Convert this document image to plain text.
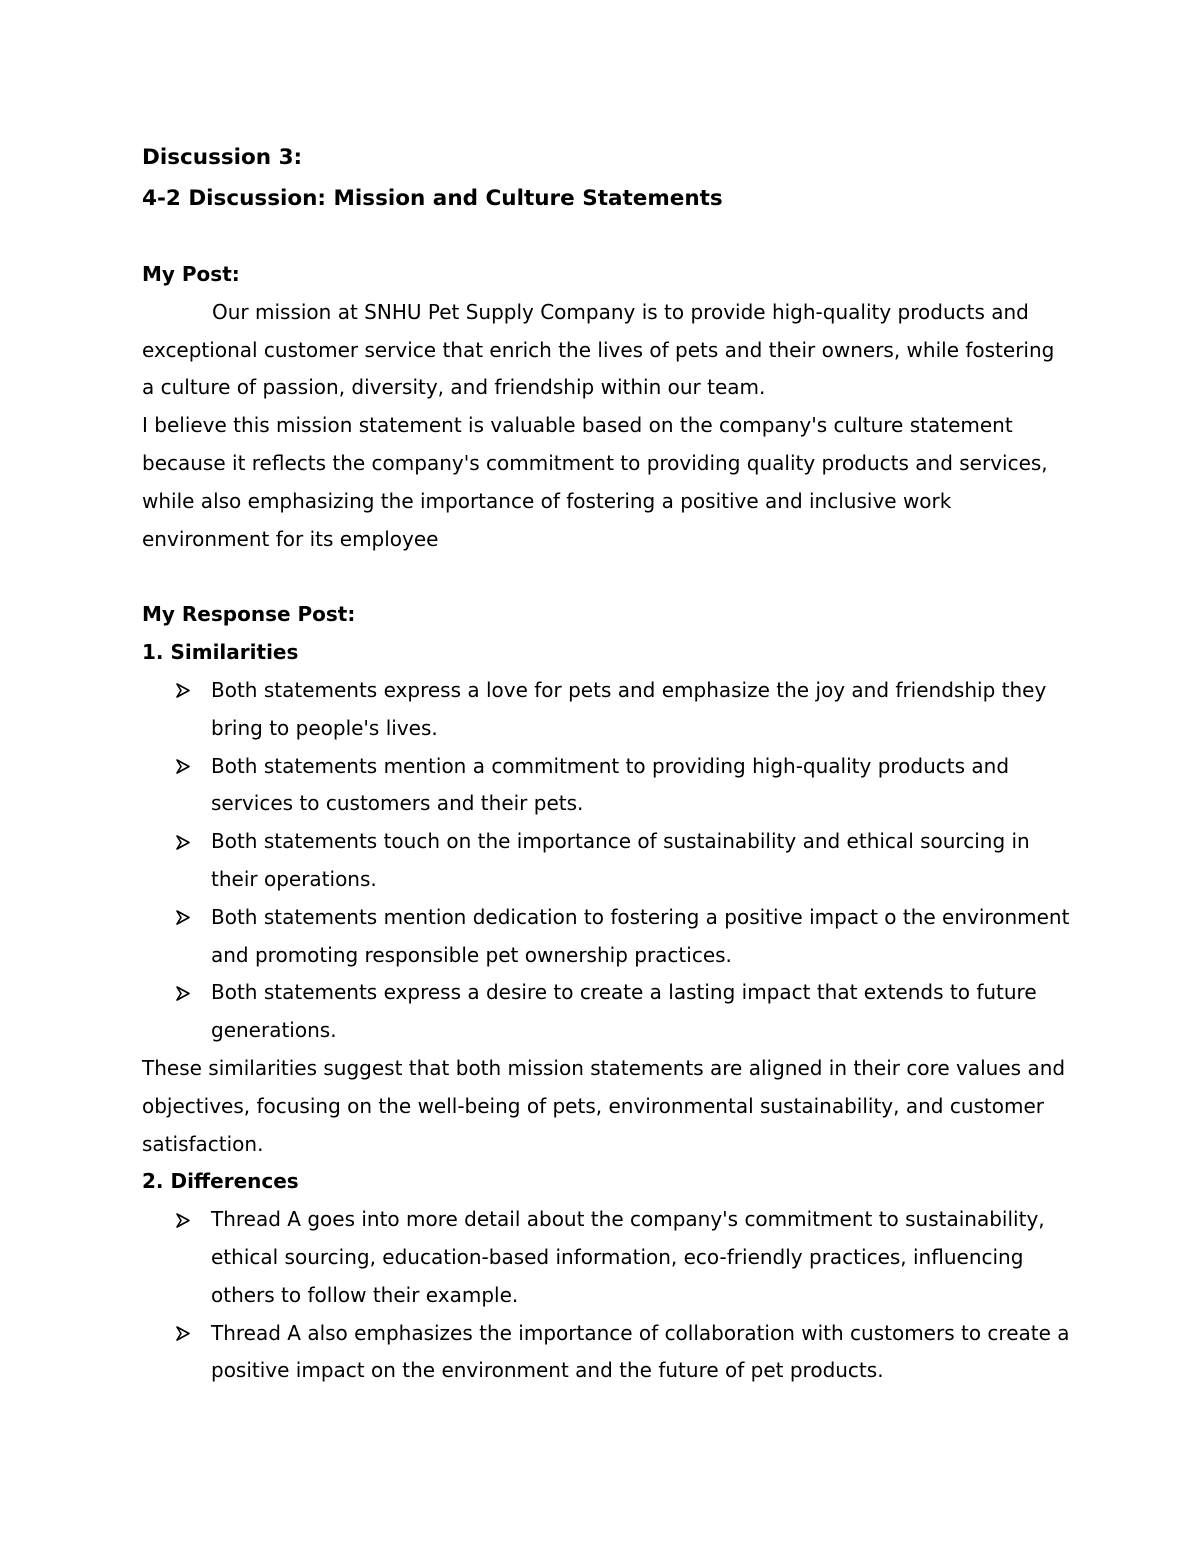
Discussion 3:
4-2 Discussion: Mission and Culture Statements
My Post:

Our mission at SNHU Pet Supply Company is to provide high-quality products and exceptional customer service that enrich the lives of pets and their owners, while fostering a culture of passion, diversity, and friendship within our team.

I believe this mission statement is valuable based on the company's culture statement because it reflects the company's commitment to providing quality products and services, while also emphasizing the importance of fostering a positive and inclusive work environment for its employee

My Response Post:
1. Similarities
Both statements express a love for pets and emphasize the joy and friendship they bring to people's lives.
Both statements mention a commitment to providing high-quality products and services to customers and their pets.
Both statements touch on the importance of sustainability and ethical sourcing in their operations.
Both statements mention dedication to fostering a positive impact o the environment and promoting responsible pet ownership practices.
Both statements express a desire to create a lasting impact that extends to future generations.

These similarities suggest that both mission statements are aligned in their core values and objectives, focusing on the well-being of pets, environmental sustainability, and customer satisfaction.

2. Differences
Thread A goes into more detail about the company's commitment to sustainability, ethical sourcing, education-based information, eco-friendly practices, influencing others to follow their example.
Thread A also emphasizes the importance of collaboration with customers to create a positive impact on the environment and the future of pet products.
